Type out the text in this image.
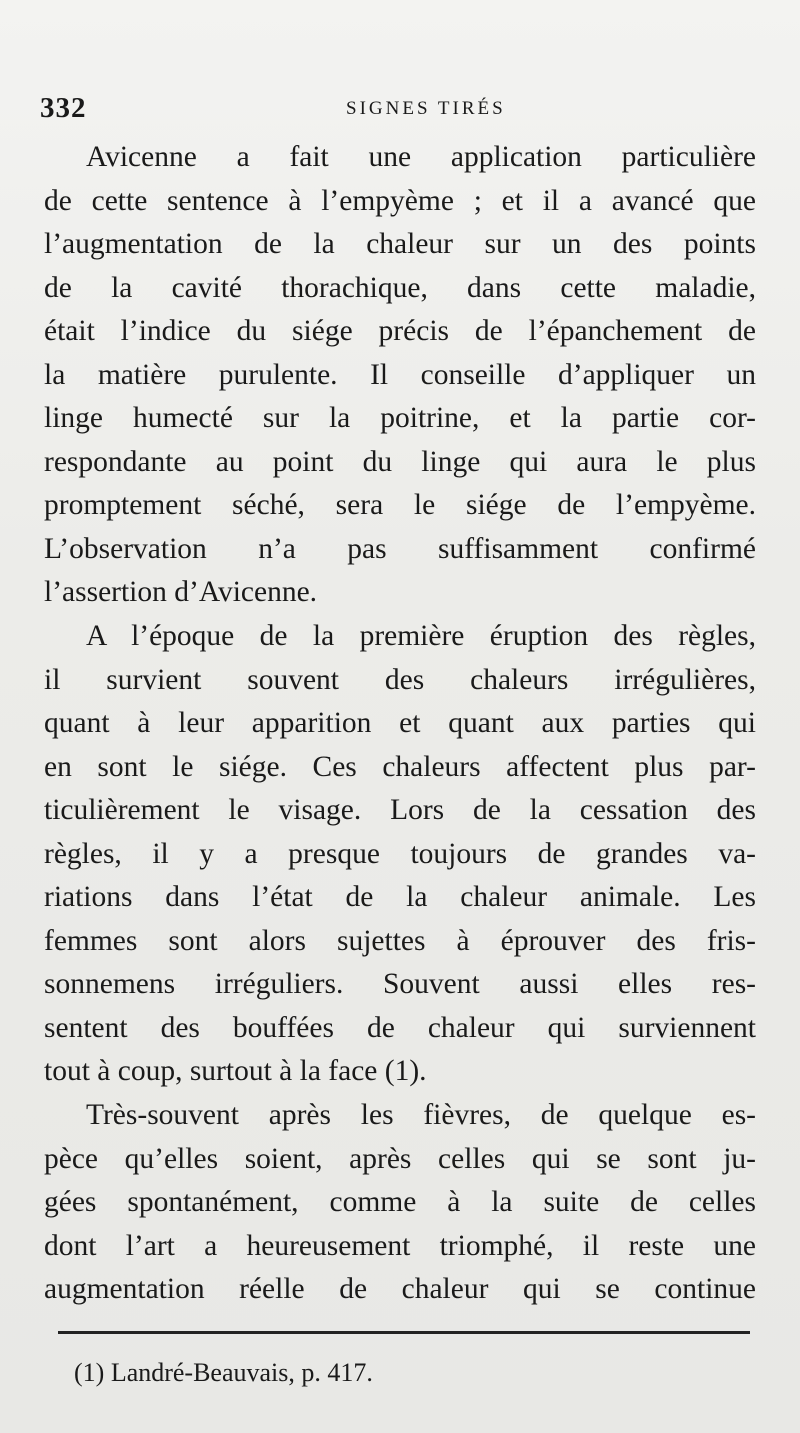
332	SIGNES TIRÉS
Avicenne a fait une application particulière
de cette sentence à l’empyème ; et il a avancé que
l’augmentation de la chaleur sur un des points
de la cavité thorachique, dans cette maladie,
était l’indice du siége précis de l’épanchement de
la matière purulente. Il conseille d’appliquer un
linge humecté sur la poitrine, et la partie cor-
respondante au point du linge qui aura le plus
promptement séché, sera le siége de l’empyème.
L’observation n’a pas suffisamment confirmé
l’assertion d’Avicenne.
A l’époque de la première éruption des règles,
il survient souvent des chaleurs irrégulières,
quant à leur apparition et quant aux parties qui
en sont le siége. Ces chaleurs affectent plus par-
ticulièrement le visage. Lors de la cessation des
règles, il y a presque toujours de grandes va-
riations dans l’état de la chaleur animale. Les
femmes sont alors sujettes à éprouver des fris-
sonnemens irréguliers. Souvent aussi elles res-
sentent des bouffées de chaleur qui surviennent
tout à coup, surtout à la face (1).
Très-souvent après les fièvres, de quelque es-
pèce qu’elles soient, après celles qui se sont ju-
gées spontanément, comme à la suite de celles
dont l’art a heureusement triomphé, il reste une
augmentation réelle de chaleur qui se continue
(1) Landré-Beauvais, p. 417.
